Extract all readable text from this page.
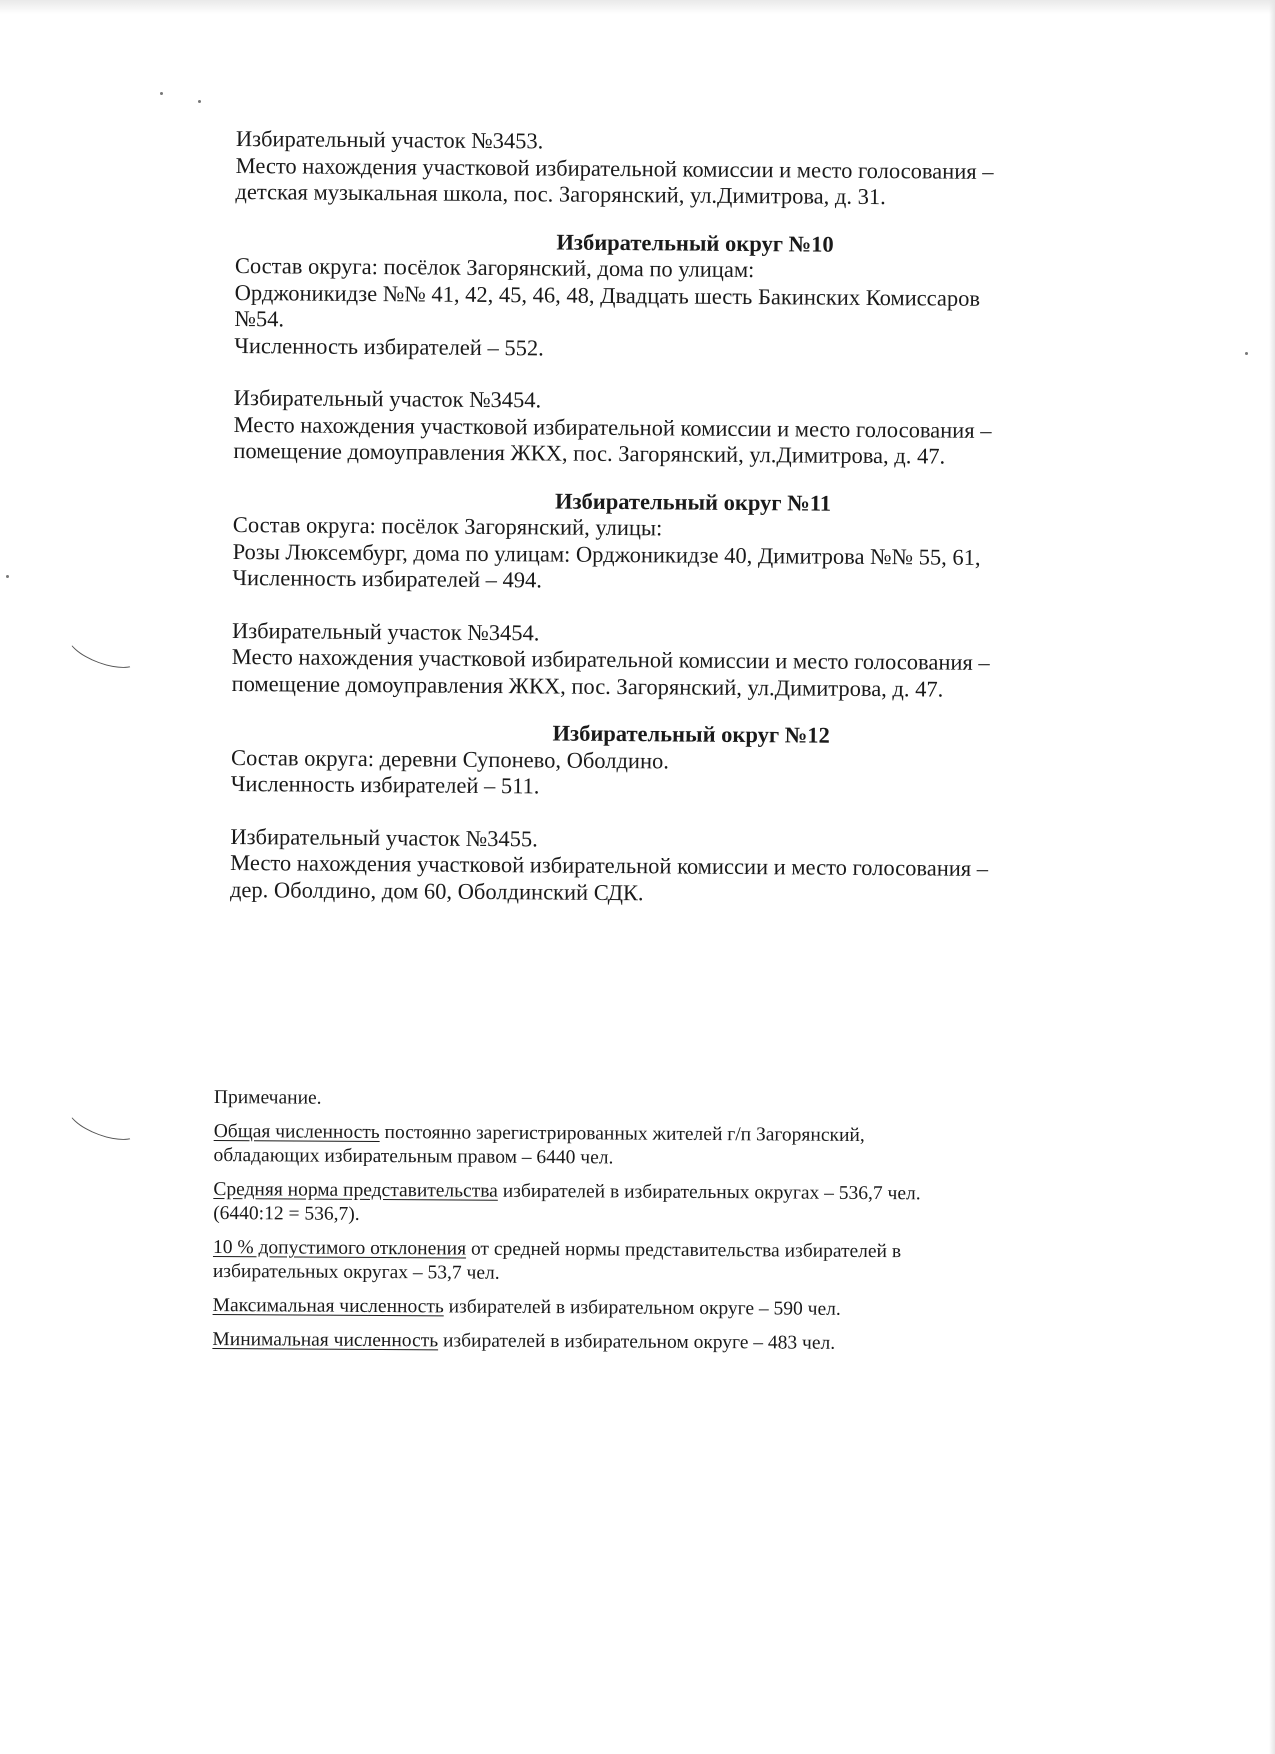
Избирательный участок №3453.

Место нахождения участковой избирательной комиссии и место голосования –

детская музыкальная школа, пос. Загорянский, ул.Димитрова, д. 31.

Избирательный округ №10

Состав округа: посёлок Загорянский, дома по улицам:

Орджоникидзе №№ 41, 42, 45, 46, 48, Двадцать шесть Бакинских Комиссаров

№54.

Численность избирателей – 552.

Избирательный участок №3454.

Место нахождения участковой избирательной комиссии и место голосования –

помещение домоуправления ЖКХ, пос. Загорянский, ул.Димитрова, д. 47.

Избирательный округ №11

Состав округа: посёлок Загорянский, улицы:

Розы Люксембург, дома по улицам: Орджоникидзе 40, Димитрова №№ 55, 61,

Численность избирателей – 494.

Избирательный участок №3454.

Место нахождения участковой избирательной комиссии и место голосования –

помещение домоуправления ЖКХ, пос. Загорянский, ул.Димитрова, д. 47.

Избирательный округ №12

Состав округа: деревни Супонево, Оболдино.

Численность избирателей – 511.

Избирательный участок №3455.

Место нахождения участковой избирательной комиссии и место голосования –

дер. Оболдино, дом 60, Оболдинский СДК.

Примечание.

Общая численность постоянно зарегистрированных жителей г/п Загорянский,
обладающих избирательным правом – 6440 чел.

Средняя норма представительства избирателей в избирательных округах – 536,7 чел.
(6440:12 = 536,7).

10 % допустимого отклонения от средней нормы представительства избирателей в
избирательных округах – 53,7 чел.

Максимальная численность избирателей в избирательном округе – 590 чел.

Минимальная численность избирателей в избирательном округе – 483 чел.
